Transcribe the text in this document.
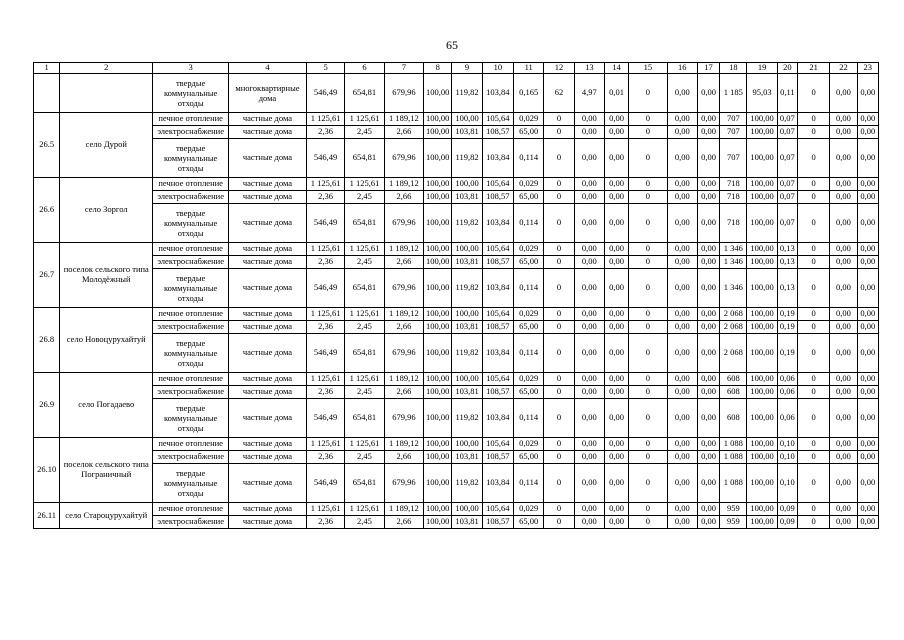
65
1	2	3	4	5	6	7	8	9	10	11	12	13	14	15	16	17	18	19	20	21	22	23
		твердые коммунальные отходы	многоквартирные дома	546,49	654,81	679,96	100,00	119,82	103,84	0,165	62	4,97	0,01	0	0,00	0,00	1 185	95,03	0,11	0	0,00	0,00
26.5	село Дурой	печное отопление	частные дома	1 125,61	1 125,61	1 189,12	100,00	100,00	105,64	0,029	0	0,00	0,00	0	0,00	0,00	707	100,00	0,07	0	0,00	0,00
		электроснабжение	частные дома	2,36	2,45	2,66	100,00	103,81	108,57	65,00	0	0,00	0,00	0	0,00	0,00	707	100,00	0,07	0	0,00	0,00
		твердые коммунальные отходы	частные дома	546,49	654,81	679,96	100,00	119,82	103,84	0,114	0	0,00	0,00	0	0,00	0,00	707	100,00	0,07	0	0,00	0,00
26.6	село Зоргол	печное отопление	частные дома	1 125,61	1 125,61	1 189,12	100,00	100,00	105,64	0,029	0	0,00	0,00	0	0,00	0,00	718	100,00	0,07	0	0,00	0,00
		электроснабжение	частные дома	2,36	2,45	2,66	100,00	103,81	108,57	65,00	0	0,00	0,00	0	0,00	0,00	718	100,00	0,07	0	0,00	0,00
		твердые коммунальные отходы	частные дома	546,49	654,81	679,96	100,00	119,82	103,84	0,114	0	0,00	0,00	0	0,00	0,00	718	100,00	0,07	0	0,00	0,00
26.7	поселок сельского типа Молодёжный	печное отопление	частные дома	1 125,61	1 125,61	1 189,12	100,00	100,00	105,64	0,029	0	0,00	0,00	0	0,00	0,00	1 346	100,00	0,13	0	0,00	0,00
		электроснабжение	частные дома	2,36	2,45	2,66	100,00	103,81	108,57	65,00	0	0,00	0,00	0	0,00	0,00	1 346	100,00	0,13	0	0,00	0,00
		твердые коммунальные отходы	частные дома	546,49	654,81	679,96	100,00	119,82	103,84	0,114	0	0,00	0,00	0	0,00	0,00	1 346	100,00	0,13	0	0,00	0,00
26.8	село Новоцурухайтуй	печное отопление	частные дома	1 125,61	1 125,61	1 189,12	100,00	100,00	105,64	0,029	0	0,00	0,00	0	0,00	0,00	2 068	100,00	0,19	0	0,00	0,00
		электроснабжение	частные дома	2,36	2,45	2,66	100,00	103,81	108,57	65,00	0	0,00	0,00	0	0,00	0,00	2 068	100,00	0,19	0	0,00	0,00
		твердые коммунальные отходы	частные дома	546,49	654,81	679,96	100,00	119,82	103,84	0,114	0	0,00	0,00	0	0,00	0,00	2 068	100,00	0,19	0	0,00	0,00
26.9	село Погадаево	печное отопление	частные дома	1 125,61	1 125,61	1 189,12	100,00	100,00	105,64	0,029	0	0,00	0,00	0	0,00	0,00	608	100,00	0,06	0	0,00	0,00
		электроснабжение	частные дома	2,36	2,45	2,66	100,00	103,81	108,57	65,00	0	0,00	0,00	0	0,00	0,00	608	100,00	0,06	0	0,00	0,00
		твердые коммунальные отходы	частные дома	546,49	654,81	679,96	100,00	119,82	103,84	0,114	0	0,00	0,00	0	0,00	0,00	608	100,00	0,06	0	0,00	0,00
26.10	поселок сельского типа Пограничный	печное отопление	частные дома	1 125,61	1 125,61	1 189,12	100,00	100,00	105,64	0,029	0	0,00	0,00	0	0,00	0,00	1 088	100,00	0,10	0	0,00	0,00
		электроснабжение	частные дома	2,36	2,45	2,66	100,00	103,81	108,57	65,00	0	0,00	0,00	0	0,00	0,00	1 088	100,00	0,10	0	0,00	0,00
		твердые коммунальные отходы	частные дома	546,49	654,81	679,96	100,00	119,82	103,84	0,114	0	0,00	0,00	0	0,00	0,00	1 088	100,00	0,10	0	0,00	0,00
26.11	село Староцурухайтуй	печное отопление	частные дома	1 125,61	1 125,61	1 189,12	100,00	100,00	105,64	0,029	0	0,00	0,00	0	0,00	0,00	959	100,00	0,09	0	0,00	0,00
		электроснабжение	частные дома	2,36	2,45	2,66	100,00	103,81	108,57	65,00	0	0,00	0,00	0	0,00	0,00	959	100,00	0,09	0	0,00	0,00
